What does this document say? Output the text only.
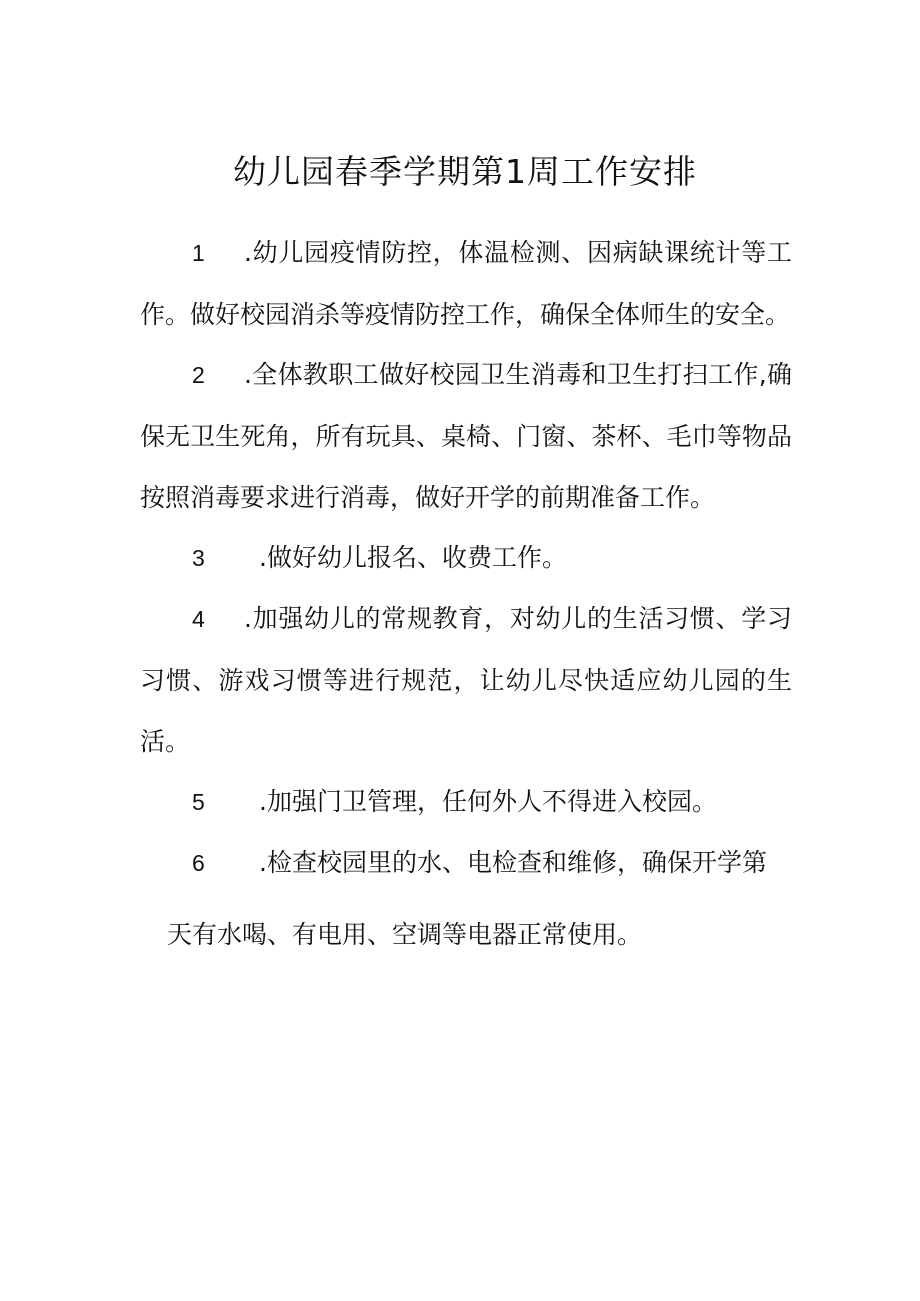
幼儿园春季学期第1周工作安排
1 .幼儿园疫情防控，体温检测、因病缺课统计等工作。做好校园消杀等疫情防控工作，确保全体师生的安全。
2 .全体教职工做好校园卫生消毒和卫生打扫工作,确保无卫生死角，所有玩具、桌椅、门窗、茶杯、毛巾等物品按照消毒要求进行消毒，做好开学的前期准备工作。
3 .做好幼儿报名、收费工作。
4 .加强幼儿的常规教育，对幼儿的生活习惯、学习习惯、游戏习惯等进行规范，让幼儿尽快适应幼儿园的生活。
5 .加强门卫管理，任何外人不得进入校园。
6 .检查校园里的水、电检查和维修，确保开学第
天有水喝、有电用、空调等电器正常使用。
